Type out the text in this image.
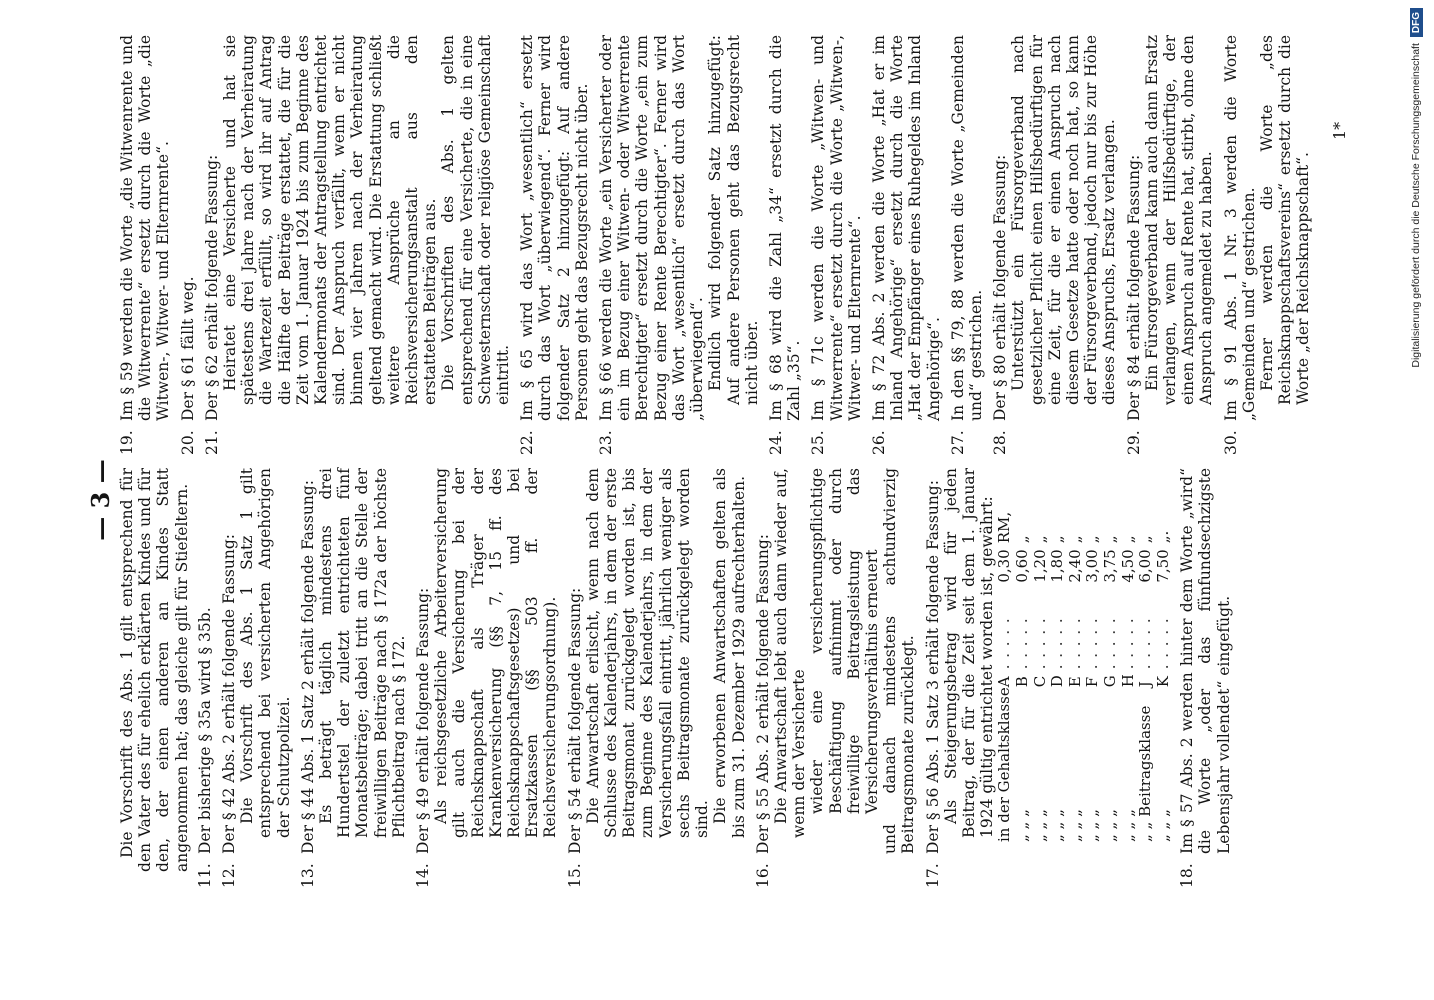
— 3 — Die Vorschrift des Abs. 1 gilt entsprechend für den Vater des für ehelich erklärten Kindes und für den, der einen anderen an Kindes Statt angenommen hat; das gleiche gilt für Stiefeltern.

11.
Der bisherige § 35a wird § 35b.
12.
Der § 42 Abs. 2 erhält folgende Fassung: Die Vorschrift des Abs. 1 Satz 1 gilt entsprechend bei versicherten Angehörigen der Schutzpolizei.
13.
Der § 44 Abs. 1 Satz 2 erhält folgende Fassung: Es beträgt täglich mindestens drei Hundertstel der zuletzt entrichteten fünf Monatsbeiträge; dabei tritt an die Stelle der freiwilligen Beiträge nach § 172a der höchste Pflichtbeitrag nach § 172.
14.
Der § 49 erhält folgende Fassung: Als reichsgesetzliche Arbeiterversicherung gilt auch die Versicherung bei der Reichsknappschaft als Träger der Krankenversicherung (§§ 7, 15 ff. des Reichsknappschaftsgesetzes) und bei Ersatzkassen (§§ 503 ff. der Reichsversicherungsordnung).
15.
Der § 54 erhält folgende Fassung: Die Anwartschaft erlischt, wenn nach dem Schlusse des Kalenderjahrs, in dem der erste Beitragsmonat zurückgelegt worden ist, bis zum Beginne des Kalenderjahrs, in dem der Versicherungsfall eintritt, jährlich weniger als sechs Beitragsmonate zurückgelegt worden sind. Die erworbenen Anwartschaften gelten als bis zum 31. Dezember 1929 aufrechterhalten.
16.
Der § 55 Abs. 2 erhält folgende Fassung: Die Anwartschaft lebt auch dann wieder auf, wenn der Versicherte wieder eine versicherungspflichtige Beschäftigung aufnimmt oder durch freiwillige Beitragsleistung das Versicherungsverhältnis erneuert und danach mindestens achtundvierzig Beitragsmonate zurücklegt.
17.
Der § 56 Abs. 1 Satz 3 erhält folgende Fassung: Als Steigerungsbetrag wird für jeden Beitrag, der für die Zeit seit dem 1. Januar 1924 gültig entrichtet worden ist, gewährt: in der Gehaltsklasse	A	. . . . .	0,30	RM,
„ „ „	B	. . . . .	0,60	„
„ „ „	C	. . . . .	1,20	„
„ „ „	D	. . . . .	1,80	„
„ „ „	E	. . . . .	2,40	„
„ „ „	F	. . . . .	3,00	„
„ „ „	G	. . . . .	3,75	„
„ „ „	H	. . . . .	4,50	„
„ „ Beitragsklasse	J	. . . . .	6,00	„
„ „ „	K	. . . . .	7,50	„.
18.
Im § 57 Abs. 2 werden hinter dem Worte „wird“ die Worte „oder das fünfundsechzigste Lebensjahr vollendet“ eingefügt.
19.
Im § 59 werden die Worte „die Witwenrente und die Witwerrente“ ersetzt durch die Worte „die Witwen-, Witwer- und Elternrente“.
20.
Der § 61 fällt weg.
21.
Der § 62 erhält folgende Fassung: Heiratet eine Versicherte und hat sie spätestens drei Jahre nach der Verheiratung die Wartezeit erfüllt, so wird ihr auf Antrag die Hälfte der Beiträge erstattet, die für die Zeit vom 1. Januar 1924 bis zum Beginne des Kalendermonats der Antragstellung entrichtet sind. Der Anspruch verfällt, wenn er nicht binnen vier Jahren nach der Verheiratung geltend gemacht wird. Die Erstattung schließt weitere Ansprüche an die Reichsversicherungsanstalt aus den erstatteten Beiträgen aus. Die Vorschriften des Abs. 1 gelten entsprechend für eine Versicherte, die in eine Schwesternschaft oder religiöse Gemeinschaft eintritt.
22.
Im § 65 wird das Wort „wesentlich“ ersetzt durch das Wort „überwiegend“. Ferner wird folgender Satz 2 hinzugefügt: Auf andere Personen geht das Bezugsrecht nicht über.
23.
Im § 66 werden die Worte „ein Versicherter oder ein im Bezug einer Witwen- oder Witwerrente Berechtigter“ ersetzt durch die Worte „ein zum Bezug einer Rente Berechtigter“. Ferner wird das Wort „wesentlich“ ersetzt durch das Wort „überwiegend“. Endlich wird folgender Satz hinzugefügt: Auf andere Personen geht das Bezugsrecht nicht über.
24.
Im § 68 wird die Zahl „34“ ersetzt durch die Zahl „35“.
25.
Im § 71c werden die Worte „Witwen- und Witwerrente“ ersetzt durch die Worte „Witwen-, Witwer- und Elternrente“.
26.
Im § 72 Abs. 2 werden die Worte „Hat er im Inland Angehörige“ ersetzt durch die Worte „Hat der Empfänger eines Ruhegeldes im Inland Angehörige“.
27.
In den §§ 79, 88 werden die Worte „Gemeinden und“ gestrichen.
28.
Der § 80 erhält folgende Fassung: Unterstützt ein Fürsorgeverband nach gesetzlicher Pflicht einen Hilfsbedürftigen für eine Zeit, für die er einen Anspruch nach diesem Gesetze hatte oder noch hat, so kann der Fürsorgeverband, jedoch nur bis zur Höhe dieses Anspruchs, Ersatz verlangen.
29.
Der § 84 erhält folgende Fassung: Ein Fürsorgeverband kann auch dann Ersatz verlangen, wenn der Hilfsbedürftige, der einen Anspruch auf Rente hat, stirbt, ohne den Anspruch angemeldet zu haben.
30.
Im § 91 Abs. 1 Nr. 3 werden die Worte „Gemeinden und“ gestrichen. Ferner werden die Worte „des Reichsknappschaftsvereins“ ersetzt durch die Worte „der Reichsknappschaft“.
1*	Digitalisierung gefördert durch die Deutsche Forschungsgemeinschaft
DFG
